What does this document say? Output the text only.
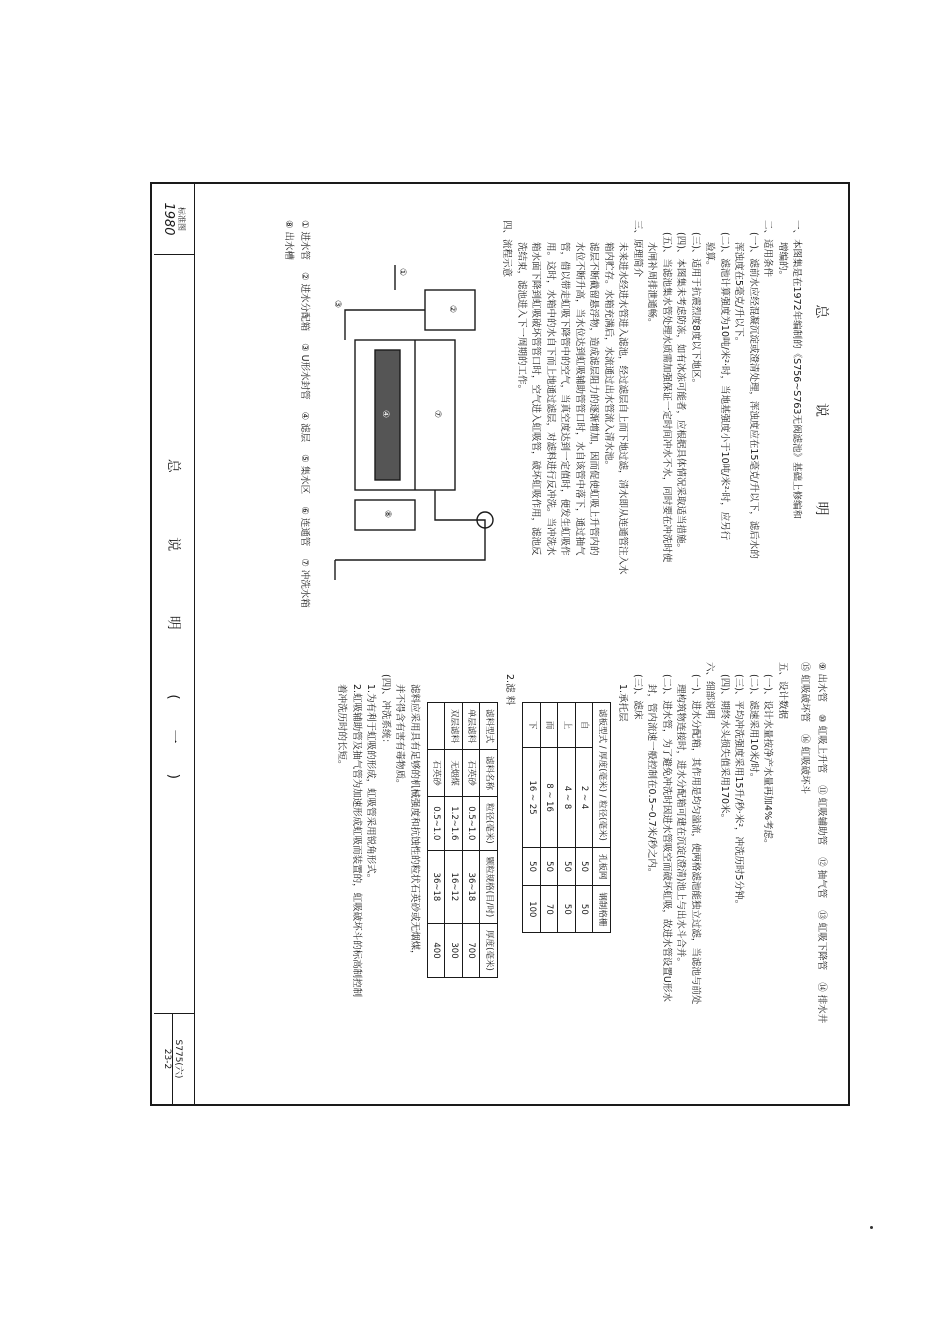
总 说 明
一、本图集是在1972年编制的《S756~S763无阀滤池》基础上修编和
增编的。
二、适用条件
(一)、滤前水应经混凝沉淀或澄清处理，浑浊度应在15毫克/升以下，滤后水的
浑浊度在5毫克/升以下。
(二)、滤池计算强度为10吨/米²·时，当地基强度小于10吨/米²·时，应另行
验算。
(三)、适用于抗震烈度8度以下地区。
(四)、本图集未考虑防冻，如有冰冻可能者，应根据具体情况采取适当措施。
(五)、当滤池集水管处理水质需加强保证一定时间冲水不水，同时要在冲洗时使
水闸补周排泄通畅。
三、原理简介
未来进水经进水管进入滤池，经过滤层自上而下地过滤，清水即从连通管注入水
箱内贮存。水箱充满后，水流通过出水管流入清水池。
滤层不断截留悬浮物，造成滤层阻力的逐渐增加，因而促使虹吸上升管内的
水位不断升高，当水位达到虹吸辅助管管口时，水自该管中落下，通过抽气
管，借以带走虹吸下降管中的空气，当真空度达到一定值时，便发生虹吸作
用。这时，水箱中的水自下而上地通过滤层，对滤料进行反冲洗。当冲洗水
箱水面下降到虹吸破坏管管口时，空气进入虹吸管，破坏虹吸作用，滤池反
洗结束，滤池进入下一周期的工作。
四、流程示意
②
⑦
④
③
①
⑧
① 进水管
② 进水分配箱
③ U形水封管
④ 滤层
⑤ 集水区
⑥ 连通管
⑦ 冲洗水箱
⑧ 出水槽
⑨ 出水管
⑩ 虹吸上升管
⑪ 虹吸辅助管
⑫ 抽气管
⑬ 虹吸下降管
⑭ 排水井
⑮ 虹吸破坏管
⑯ 虹吸破坏斗
五、设计数据
(一)、设计水量按净产水量再加4%考虑。
(二)、滤速采用10米/时。
(三)、平均冲洗强度采用15升/秒·米²，冲洗历时5分钟。
(四)、期终水头损失值采用170米。
六、细部说明
(一)、进水分配箱，其作用是均匀溢流，使两格滤池能独立过滤，当滤池与前处
理构筑物连接时，进水分配箱可建在沉淀(澄清)池上与出水斗合并。
(二)、进水管，为了避免冲洗时因进水管吸空而破坏虹吸，故进水管设置U形水
封，管内流速一般控制在0.5~0.7米/秒之内。
(三)、滤床
1.承托层
滤板型式 / 厚度(毫米) / 粒径(毫米)		孔板网	钢制格栅
自	2 ~ 4	50	50
上	4 ~ 8	50	50
而	8 ~ 16	50	70
下	16 ~ 25	50	100
2.滤 料
滤料型式	滤料名称	粒径(毫米)	颗粒规格(目/吋)	厚度(毫米)
单层滤料	石英砂	0.5~1.0	36~18	700
双层滤料	无烟煤	1.2~1.6	16~12	300
	石英砂	0.5~1.0	36~18	400
滤料应采用具有足够的机械强度和抗蚀性的粒状石英砂或无烟煤，
并不得含有害有毒物质。
(四)、冲洗系统：
1.为有利于虹吸的形成，虹吸管采用锐角形式。
2.虹吸辅助管及抽气管为加速形成虹吸而装置的，虹吸破坏斗的标高制控制
着冲洗历时的长短。
标准图
1980
总 说 明 (一)
S775(六)
23-2
